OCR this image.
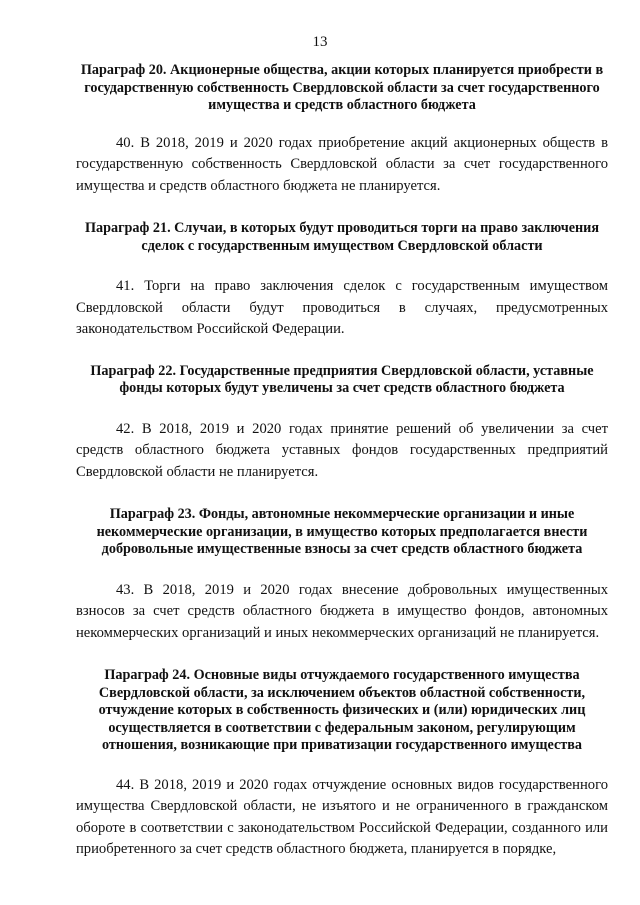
13

Параграф 20. Акционерные общества, акции которых планируется приобрести в государственную собственность Свердловской области за счет государственного имущества и средств областного бюджета

40. В 2018, 2019 и 2020 годах приобретение акций акционерных обществ в государственную собственность Свердловской области за счет государственного имущества и средств областного бюджета не планируется.

Параграф 21. Случаи, в которых будут проводиться торги на право заключения сделок с государственным имуществом Свердловской области

41. Торги на право заключения сделок с государственным имуществом Свердловской области будут проводиться в случаях, предусмотренных законодательством Российской Федерации.

Параграф 22. Государственные предприятия Свердловской области, уставные фонды которых будут увеличены за счет средств областного бюджета

42. В 2018, 2019 и 2020 годах принятие решений об увеличении за счет средств областного бюджета уставных фондов государственных предприятий Свердловской области не планируется.

Параграф 23. Фонды, автономные некоммерческие организации и иные некоммерческие организации, в имущество которых предполагается внести добровольные имущественные взносы за счет средств областного бюджета

43. В 2018, 2019 и 2020 годах внесение добровольных имущественных взносов за счет средств областного бюджета в имущество фондов, автономных некоммерческих организаций и иных некоммерческих организаций не планируется.

Параграф 24. Основные виды отчуждаемого государственного имущества Свердловской области, за исключением объектов областной собственности, отчуждение которых в собственность физических и (или) юридических лиц осуществляется в соответствии с федеральным законом, регулирующим отношения, возникающие при приватизации государственного имущества

44. В 2018, 2019 и 2020 годах отчуждение основных видов государственного имущества Свердловской области, не изъятого и не ограниченного в гражданском обороте в соответствии с законодательством Российской Федерации, созданного или приобретенного за счет средств областного бюджета, планируется в порядке,
